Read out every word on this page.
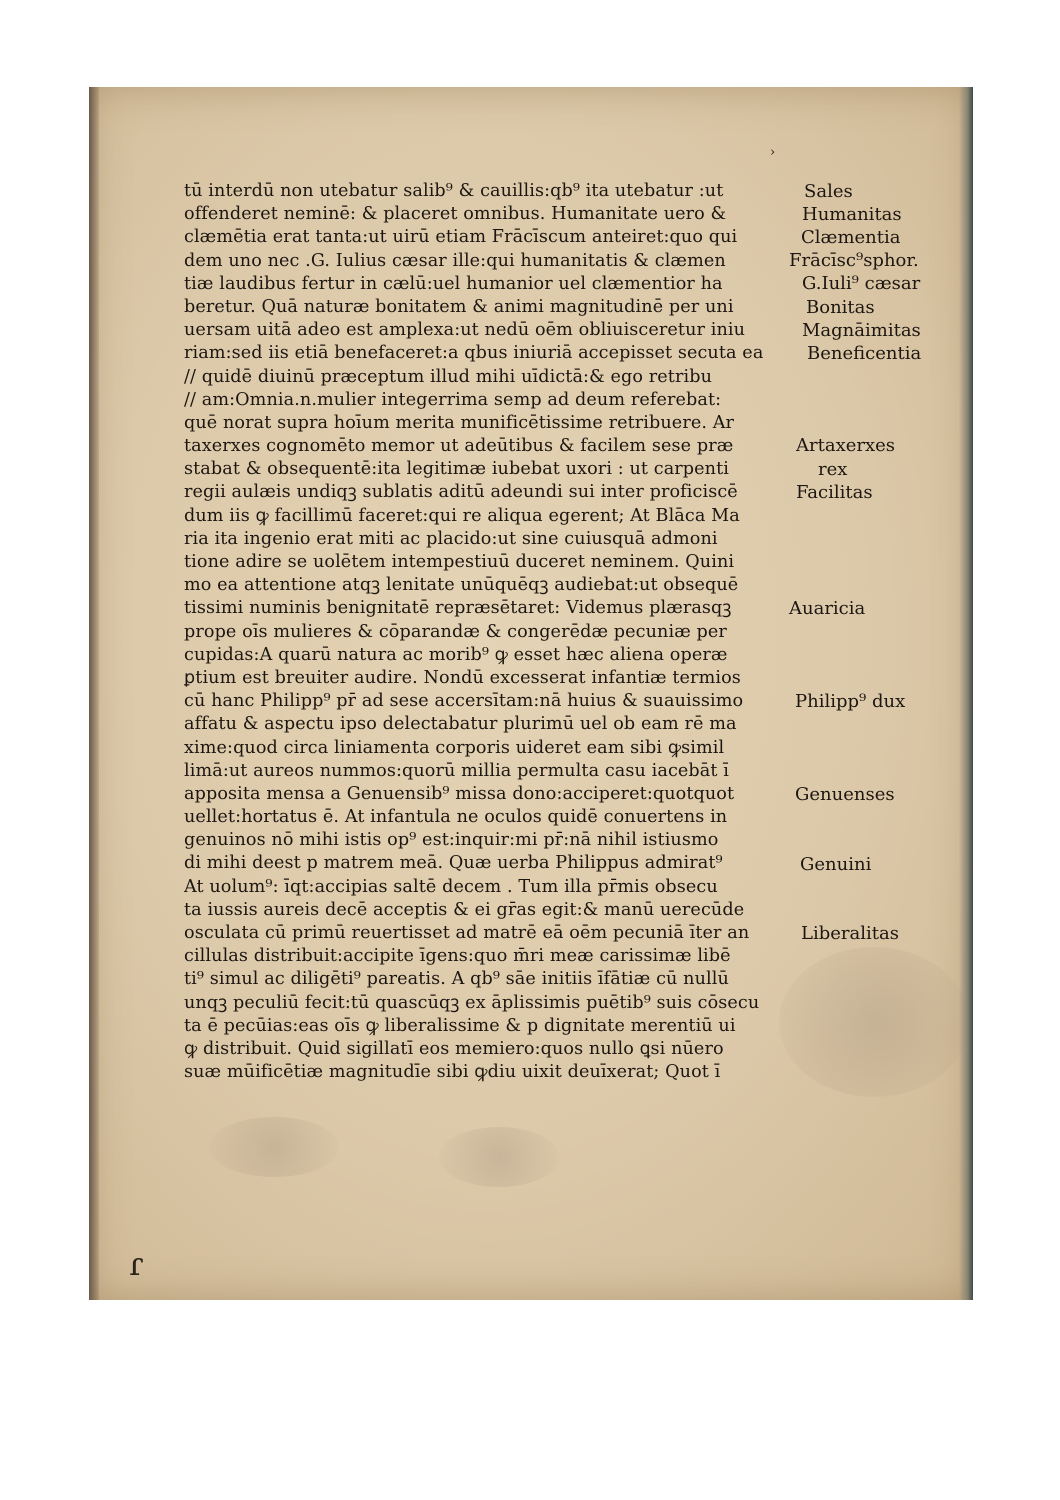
›
ɾ
tū interdū non utebatur salib⁹ & cauillis:qb⁹ ita utebatur :ut
offenderet neminē: & placeret omnibus. Humanitate uero &
clæmētia erat tanta:ut uirū etiam Frācīscum anteiret:quo qui
dem uno nec .G. Iulius cæsar ille:qui humanitatis & clæmen
tiæ laudibus fertur in cælū:uel humanior uel clæmentior ha
beretur. Quā naturæ bonitatem & animi magnitudinē per uni
uersam uitā adeo est amplexa:ut nedū oēm obliuisceretur iniu
riam:sed iis etiā benefaceret:a qbus iniuriā accepisset secuta ea
// quidē diuinū præceptum illud mihi uīdictā:& ego retribu
// am:Omnia.n.mulier integerrima semp ad deum referebat:
quē norat supra hoīum merita munificētissime retribuere. Ar
taxerxes cognomēto memor ut adeūtibus & facilem sese præ
stabat & obsequentē:ita legitimæ iubebat uxori : ut carpenti
regii aulæis undiqꝫ sublatis aditū adeundi sui inter proficiscē
dum iis ꝙ facillimū faceret:qui re aliqua egerent; At Blāca Ma
ria ita ingenio erat miti ac placido:ut sine cuiusquā admoni
tione adire se uolētem intempestiuū duceret neminem. Quini
mo ea attentione atqꝫ lenitate unūquēqꝫ audiebat:ut obsequē
tissimi numinis benignitatē repræsētaret: Videmus plærasqꝫ
prope oīs mulieres & cōparandæ & congerēdæ pecuniæ per
cupidas:A quarū natura ac morib⁹ ꝙ esset hæc aliena operæ
ꝑtium est breuiter audire. Nondū excesserat infantiæ termios
cū hanc Philipp⁹ pr̄ ad sese accersītam:nā huius & suauissimo
affatu & aspectu ipso delectabatur plurimū uel ob eam rē ma
xime:quod circa liniamenta corporis uideret eam sibi ꝙsimil
limā:ut aureos nummos:quorū millia permulta casu iacebāt ī
apposita mensa a Genuensib⁹ missa dono:acciperet:quotquot
uellet:hortatus ē. At infantula ne oculos quidē conuertens in
genuinos nō mihi istis op⁹ est:inquir:mi pr̄:nā nihil istiusmo
di mihi deest p matrem meā. Quæ uerba Philippus admirat⁹
At uolum⁹: īqt:accipias saltē decem . Tum illa pr̄mis obsecu
ta iussis aureis decē acceptis & ei gr̄as egit:& manū uerecūde
osculata cū primū reuertisset ad matrē eā oēm pecuniā īter an
cillulas distribuit:accipite īgens:quo m̄ri meæ carissimæ libē
ti⁹ simul ac diligēti⁹ pareatis. A qb⁹ sāe initiis īfātiæ cū nullū
unqꝫ peculiū fecit:tū quascūqꝫ ex āplissimis puētib⁹ suis cōsecu
ta ē pecūias:eas oīs ꝙ liberalissime & p dignitate merentiū ui
ꝙ distribuit. Quid sigillatī eos memiero:quos nullo ꝗsi nūero
suæ mūificētiæ magnitudīe sibi ꝙdiu uixit deuīxerat; Quot ī
Sales
Humanitas
Clæmentia
Frācīsc⁹sphor.
G.Iuli⁹ cæsar
Bonitas
Magnāimitas
Beneficentia
Artaxerxes
rex
Facilitas
Auaricia
Philipp⁹ dux
Genuenses
Genuini
Liberalitas
